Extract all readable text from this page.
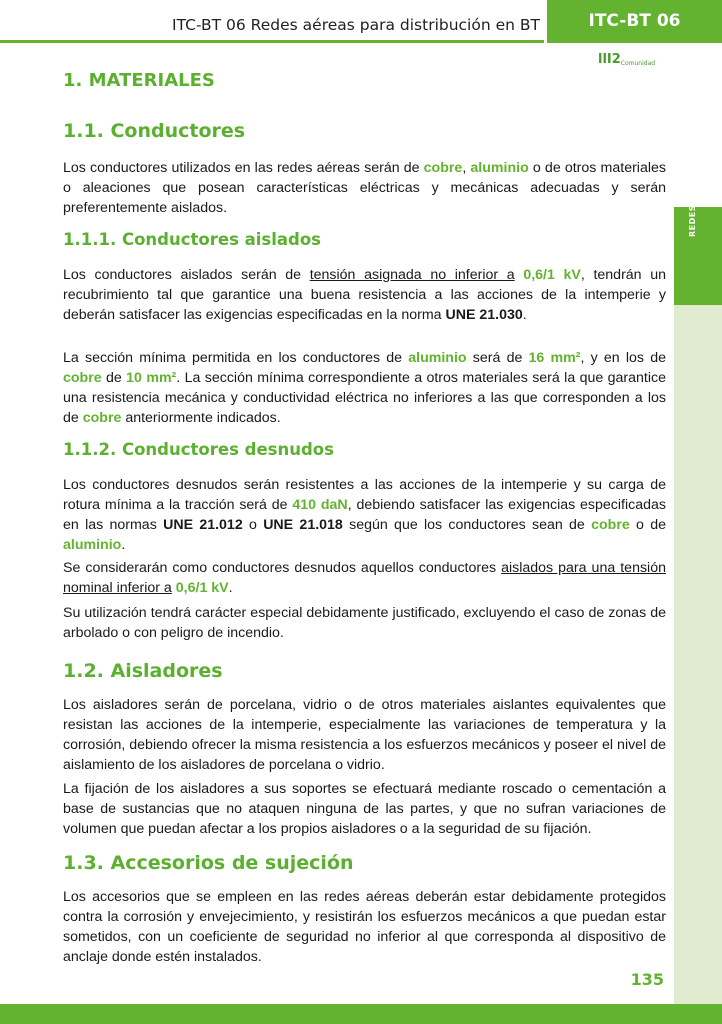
ITC-BT 06 Redes aéreas para distribución en BT	ITC-BT 06
llI2Comunidad
REDES
1. MATERIALES
1.1. Conductores

Los conductores utilizados en las redes aéreas serán de cobre, aluminio o de otros materiales o aleaciones que posean características eléctricas y mecánicas adecuadas y serán preferentemente aislados.

1.1.1. Conductores aislados

Los conductores aislados serán de tensión asignada no inferior a 0,6/1 kV, tendrán un recubrimiento tal que garantice una buena resistencia a las acciones de la intemperie y deberán satisfacer las exigencias especificadas en la norma UNE 21.030.

La sección mínima permitida en los conductores de aluminio será de 16 mm², y en los de cobre de 10 mm². La sección mínima correspondiente a otros materiales será la que garantice una resistencia mecánica y conductividad eléctrica no inferiores a las que corresponden a los de cobre anteriormente indicados.

1.1.2. Conductores desnudos

Los conductores desnudos serán resistentes a las acciones de la intemperie y su carga de rotura mínima a la tracción será de 410 daN, debiendo satisfacer las exigencias especificadas en las normas UNE 21.012 o UNE 21.018 según que los conductores sean de cobre o de aluminio.

Se considerarán como conductores desnudos aquellos conductores aislados para una tensión nominal inferior a 0,6/1 kV.

Su utilización tendrá carácter especial debidamente justificado, excluyendo el caso de zonas de arbolado o con peligro de incendio.

1.2. Aisladores

Los aisladores serán de porcelana, vidrio o de otros materiales aislantes equivalentes que resistan las acciones de la intemperie, especialmente las variaciones de temperatura y la corrosión, debiendo ofrecer la misma resistencia a los esfuerzos mecánicos y poseer el nivel de aislamiento de los aisladores de porcelana o vidrio.

La fijación de los aisladores a sus soportes se efectuará mediante roscado o cementación a base de sustancias que no ataquen ninguna de las partes, y que no sufran variaciones de volumen que puedan afectar a los propios aisladores o a la seguridad de su fijación.

1.3. Accesorios de sujeción

Los accesorios que se empleen en las redes aéreas deberán estar debidamente protegidos contra la corrosión y envejecimiento, y resistirán los esfuerzos mecánicos a que puedan estar sometidos, con un coeficiente de seguridad no inferior al que corresponda al dispositivo de anclaje donde estén instalados.

135
